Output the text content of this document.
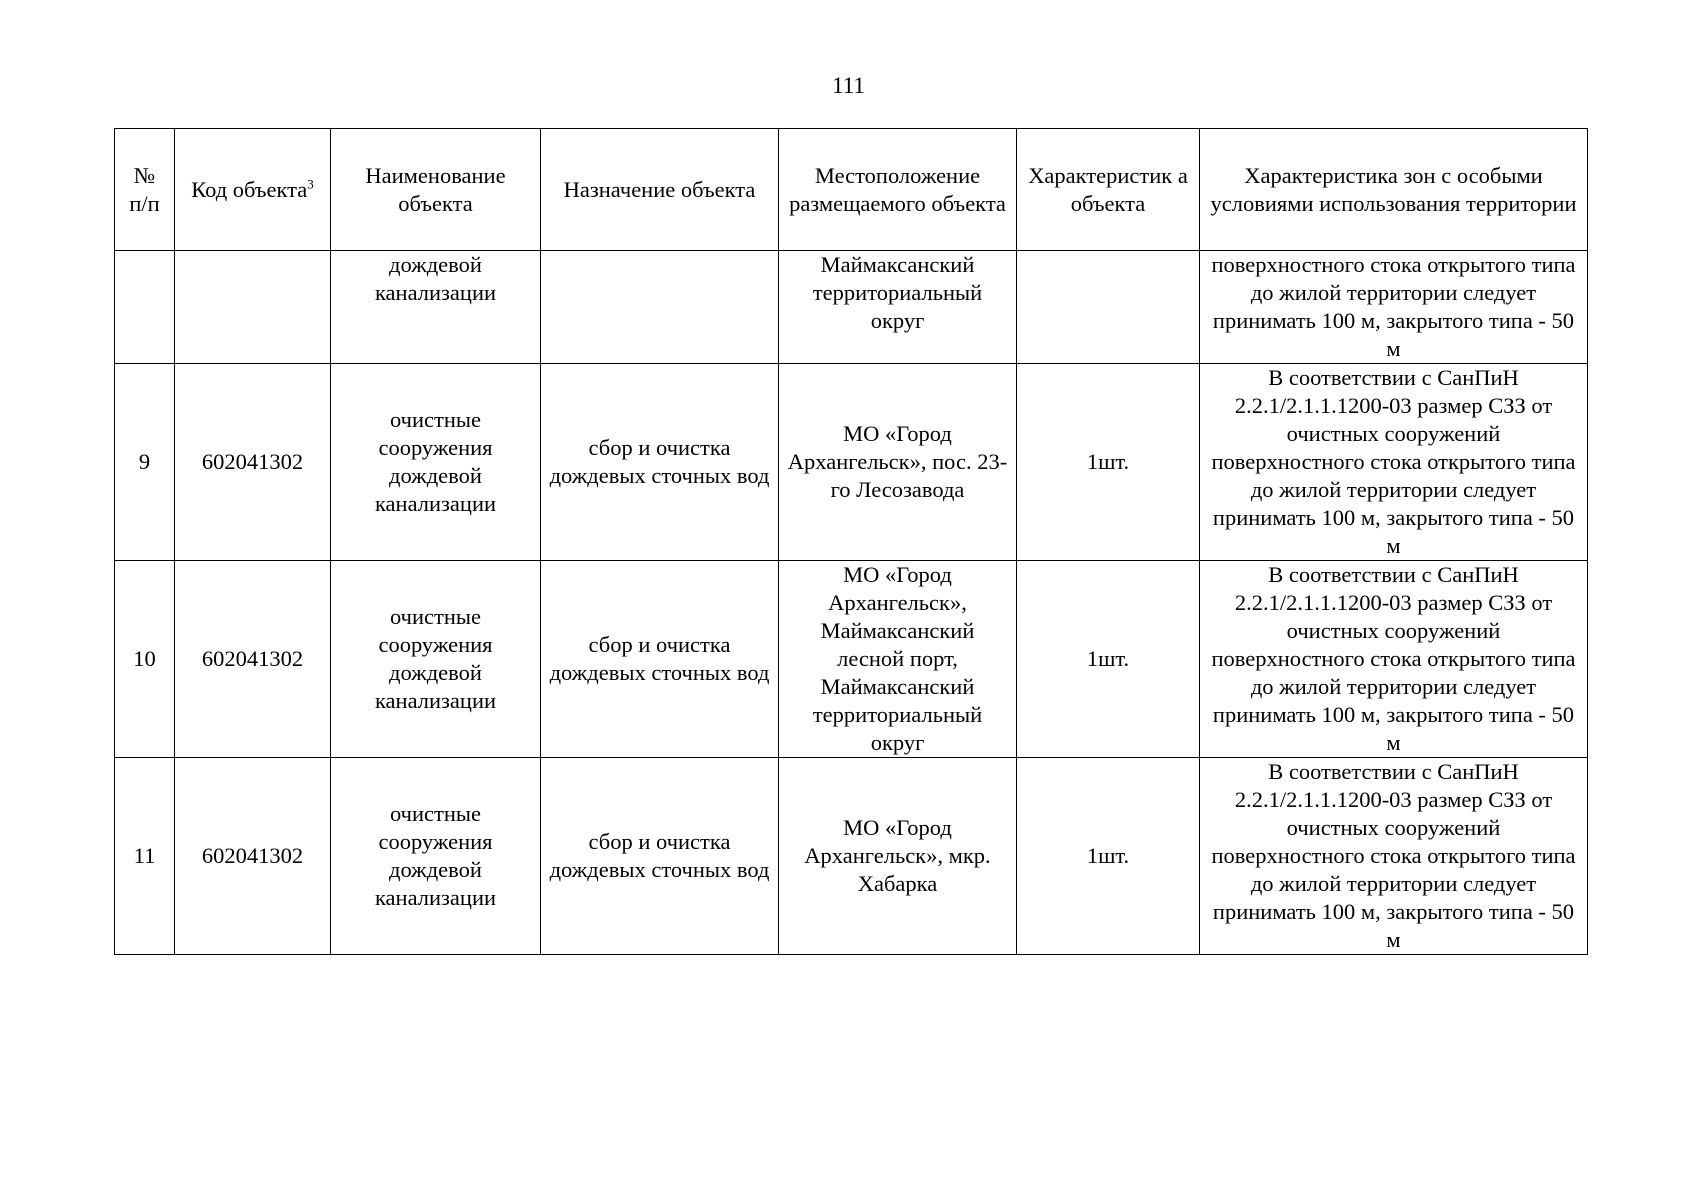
111
№ п/п	Код объекта$^3$	Наименование объекта	Назначение объекта	Местоположение размещаемого объекта	Характеристик а объекта	Характеристика зон с особыми условиями использования территории
		дождевой канализации		Маймаксанский территориальный округ		поверхностного стока открытого типа до жилой территории следует принимать 100 м, закрытого типа - 50 м
9	602041302	очистные сооружения дождевой канализации	сбор и очистка дождевых сточных вод	МО «Город Архангельск», пос. 23-го Лесозавода	1шт.	В соответствии с СанПиН 2.2.1/2.1.1.1200-03 размер СЗЗ от очистных сооружений поверхностного стока открытого типа до жилой территории следует принимать 100 м, закрытого типа - 50 м
10	602041302	очистные сооружения дождевой канализации	сбор и очистка дождевых сточных вод	МО «Город Архангельск», Маймаксанский лесной порт, Маймаксанский территориальный округ	1шт.	В соответствии с СанПиН 2.2.1/2.1.1.1200-03 размер СЗЗ от очистных сооружений поверхностного стока открытого типа до жилой территории следует принимать 100 м, закрытого типа - 50 м
11	602041302	очистные сооружения дождевой канализации	сбор и очистка дождевых сточных вод	МО «Город Архангельск», мкр. Хабарка	1шт.	В соответствии с СанПиН 2.2.1/2.1.1.1200-03 размер СЗЗ от очистных сооружений поверхностного стока открытого типа до жилой территории следует принимать 100 м, закрытого типа - 50 м
